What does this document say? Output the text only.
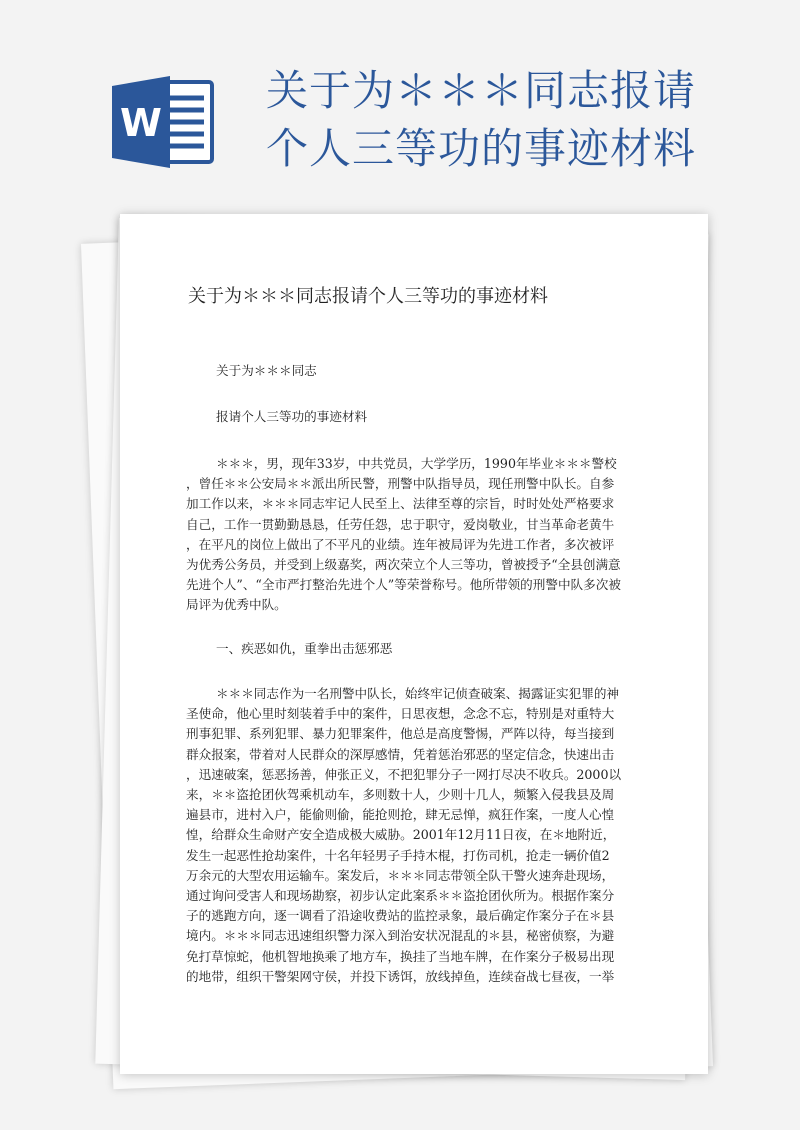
W
关于为＊＊＊同志报请
个人三等功的事迹材料
关于为＊＊＊同志报请个人三等功的事迹材料
关于为＊＊＊同志
报请个人三等功的事迹材料
＊＊＊，男，现年33岁，中共党员，大学学历，1990年毕业＊＊＊警校
，曾任＊＊公安局＊＊派出所民警，刑警中队指导员，现任刑警中队长。自参
加工作以来，＊＊＊同志牢记人民至上、法律至尊的宗旨，时时处处严格要求
自己，工作一贯勤勤恳恳，任劳任怨，忠于职守，爱岗敬业，甘当革命老黄牛
，在平凡的岗位上做出了不平凡的业绩。连年被局评为先进工作者，多次被评
为优秀公务员，并受到上级嘉奖，两次荣立个人三等功，曾被授予“全县创满意
先进个人”、“全市严打整治先进个人”等荣誉称号。他所带领的刑警中队多次被
局评为优秀中队。
一、疾恶如仇，重拳出击惩邪恶
＊＊＊同志作为一名刑警中队长，始终牢记侦查破案、揭露证实犯罪的神
圣使命，他心里时刻装着手中的案件，日思夜想，念念不忘，特别是对重特大
刑事犯罪、系列犯罪、暴力犯罪案件，他总是高度警惕，严阵以待，每当接到
群众报案，带着对人民群众的深厚感情，凭着惩治邪恶的坚定信念，快速出击
，迅速破案，惩恶扬善，伸张正义，不把犯罪分子一网打尽决不收兵。2000以
来，＊＊盗抢团伙驾乘机动车，多则数十人，少则十几人，频繁入侵我县及周
遍县市，进村入户，能偷则偷，能抢则抢，肆无忌惮，疯狂作案，一度人心惶
惶，给群众生命财产安全造成极大威胁。2001年12月11日夜，在＊地附近，
发生一起恶性抢劫案件，十名年轻男子手持木棍，打伤司机，抢走一辆价值2
万余元的大型农用运输车。案发后，＊＊＊同志带领全队干警火速奔赴现场，
通过询问受害人和现场勘察，初步认定此案系＊＊盗抢团伙所为。根据作案分
子的逃跑方向，逐一调看了沿途收费站的监控录象，最后确定作案分子在＊县
境内。＊＊＊同志迅速组织警力深入到治安状况混乱的＊县，秘密侦察，为避
免打草惊蛇，他机智地换乘了地方车，换挂了当地车牌，在作案分子极易出现
的地带，组织干警架网守侯，并投下诱饵，放线掉鱼，连续奋战七昼夜，一举
